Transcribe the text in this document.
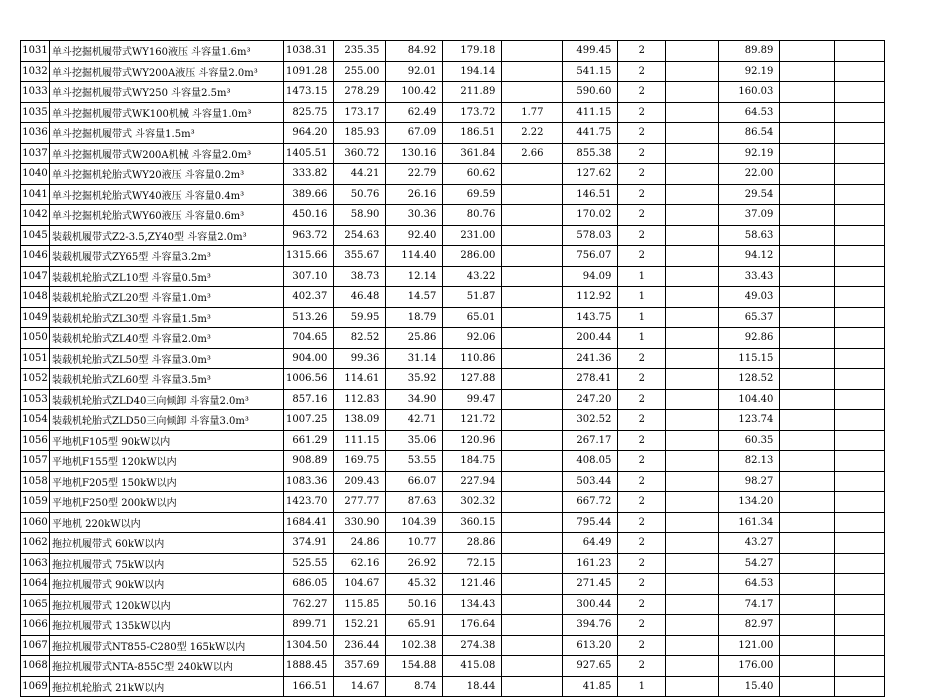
1031	单斗挖掘机履带式WY160液压 斗容量1.6m³	1038.31	235.35	84.92	179.18		499.45	2		89.89		
1032	单斗挖掘机履带式WY200A液压 斗容量2.0m³	1091.28	255.00	92.01	194.14		541.15	2		92.19		
1033	单斗挖掘机履带式WY250 斗容量2.5m³	1473.15	278.29	100.42	211.89		590.60	2		160.03		
1035	单斗挖掘机履带式WK100机械 斗容量1.0m³	825.75	173.17	62.49	173.72	1.77	411.15	2		64.53		
1036	单斗挖掘机履带式 斗容量1.5m³	964.20	185.93	67.09	186.51	2.22	441.75	2		86.54		
1037	单斗挖掘机履带式W200A机械 斗容量2.0m³	1405.51	360.72	130.16	361.84	2.66	855.38	2		92.19		
1040	单斗挖掘机轮胎式WY20液压 斗容量0.2m³	333.82	44.21	22.79	60.62		127.62	2		22.00		
1041	单斗挖掘机轮胎式WY40液压 斗容量0.4m³	389.66	50.76	26.16	69.59		146.51	2		29.54		
1042	单斗挖掘机轮胎式WY60液压 斗容量0.6m³	450.16	58.90	30.36	80.76		170.02	2		37.09		
1045	装载机履带式Z2-3.5,ZY40型 斗容量2.0m³	963.72	254.63	92.40	231.00		578.03	2		58.63		
1046	装载机履带式ZY65型 斗容量3.2m³	1315.66	355.67	114.40	286.00		756.07	2		94.12		
1047	装载机轮胎式ZL10型 斗容量0.5m³	307.10	38.73	12.14	43.22		94.09	1		33.43		
1048	装载机轮胎式ZL20型 斗容量1.0m³	402.37	46.48	14.57	51.87		112.92	1		49.03		
1049	装载机轮胎式ZL30型 斗容量1.5m³	513.26	59.95	18.79	65.01		143.75	1		65.37		
1050	装载机轮胎式ZL40型 斗容量2.0m³	704.65	82.52	25.86	92.06		200.44	1		92.86		
1051	装载机轮胎式ZL50型 斗容量3.0m³	904.00	99.36	31.14	110.86		241.36	2		115.15		
1052	装载机轮胎式ZL60型 斗容量3.5m³	1006.56	114.61	35.92	127.88		278.41	2		128.52		
1053	装载机轮胎式ZLD40三向倾卸 斗容量2.0m³	857.16	112.83	34.90	99.47		247.20	2		104.40		
1054	装载机轮胎式ZLD50三向倾卸 斗容量3.0m³	1007.25	138.09	42.71	121.72		302.52	2		123.74		
1056	平地机F105型 90kW以内	661.29	111.15	35.06	120.96		267.17	2		60.35		
1057	平地机F155型 120kW以内	908.89	169.75	53.55	184.75		408.05	2		82.13		
1058	平地机F205型 150kW以内	1083.36	209.43	66.07	227.94		503.44	2		98.27		
1059	平地机F250型 200kW以内	1423.70	277.77	87.63	302.32		667.72	2		134.20		
1060	平地机 220kW以内	1684.41	330.90	104.39	360.15		795.44	2		161.34		
1062	拖拉机履带式 60kW以内	374.91	24.86	10.77	28.86		64.49	2		43.27		
1063	拖拉机履带式 75kW以内	525.55	62.16	26.92	72.15		161.23	2		54.27		
1064	拖拉机履带式 90kW以内	686.05	104.67	45.32	121.46		271.45	2		64.53		
1065	拖拉机履带式 120kW以内	762.27	115.85	50.16	134.43		300.44	2		74.17		
1066	拖拉机履带式 135kW以内	899.71	152.21	65.91	176.64		394.76	2		82.97		
1067	拖拉机履带式NT855-C280型 165kW以内	1304.50	236.44	102.38	274.38		613.20	2		121.00		
1068	拖拉机履带式NTA-855C型 240kW以内	1888.45	357.69	154.88	415.08		927.65	2		176.00		
1069	拖拉机轮胎式 21kW以内	166.51	14.67	8.74	18.44		41.85	1		15.40		
